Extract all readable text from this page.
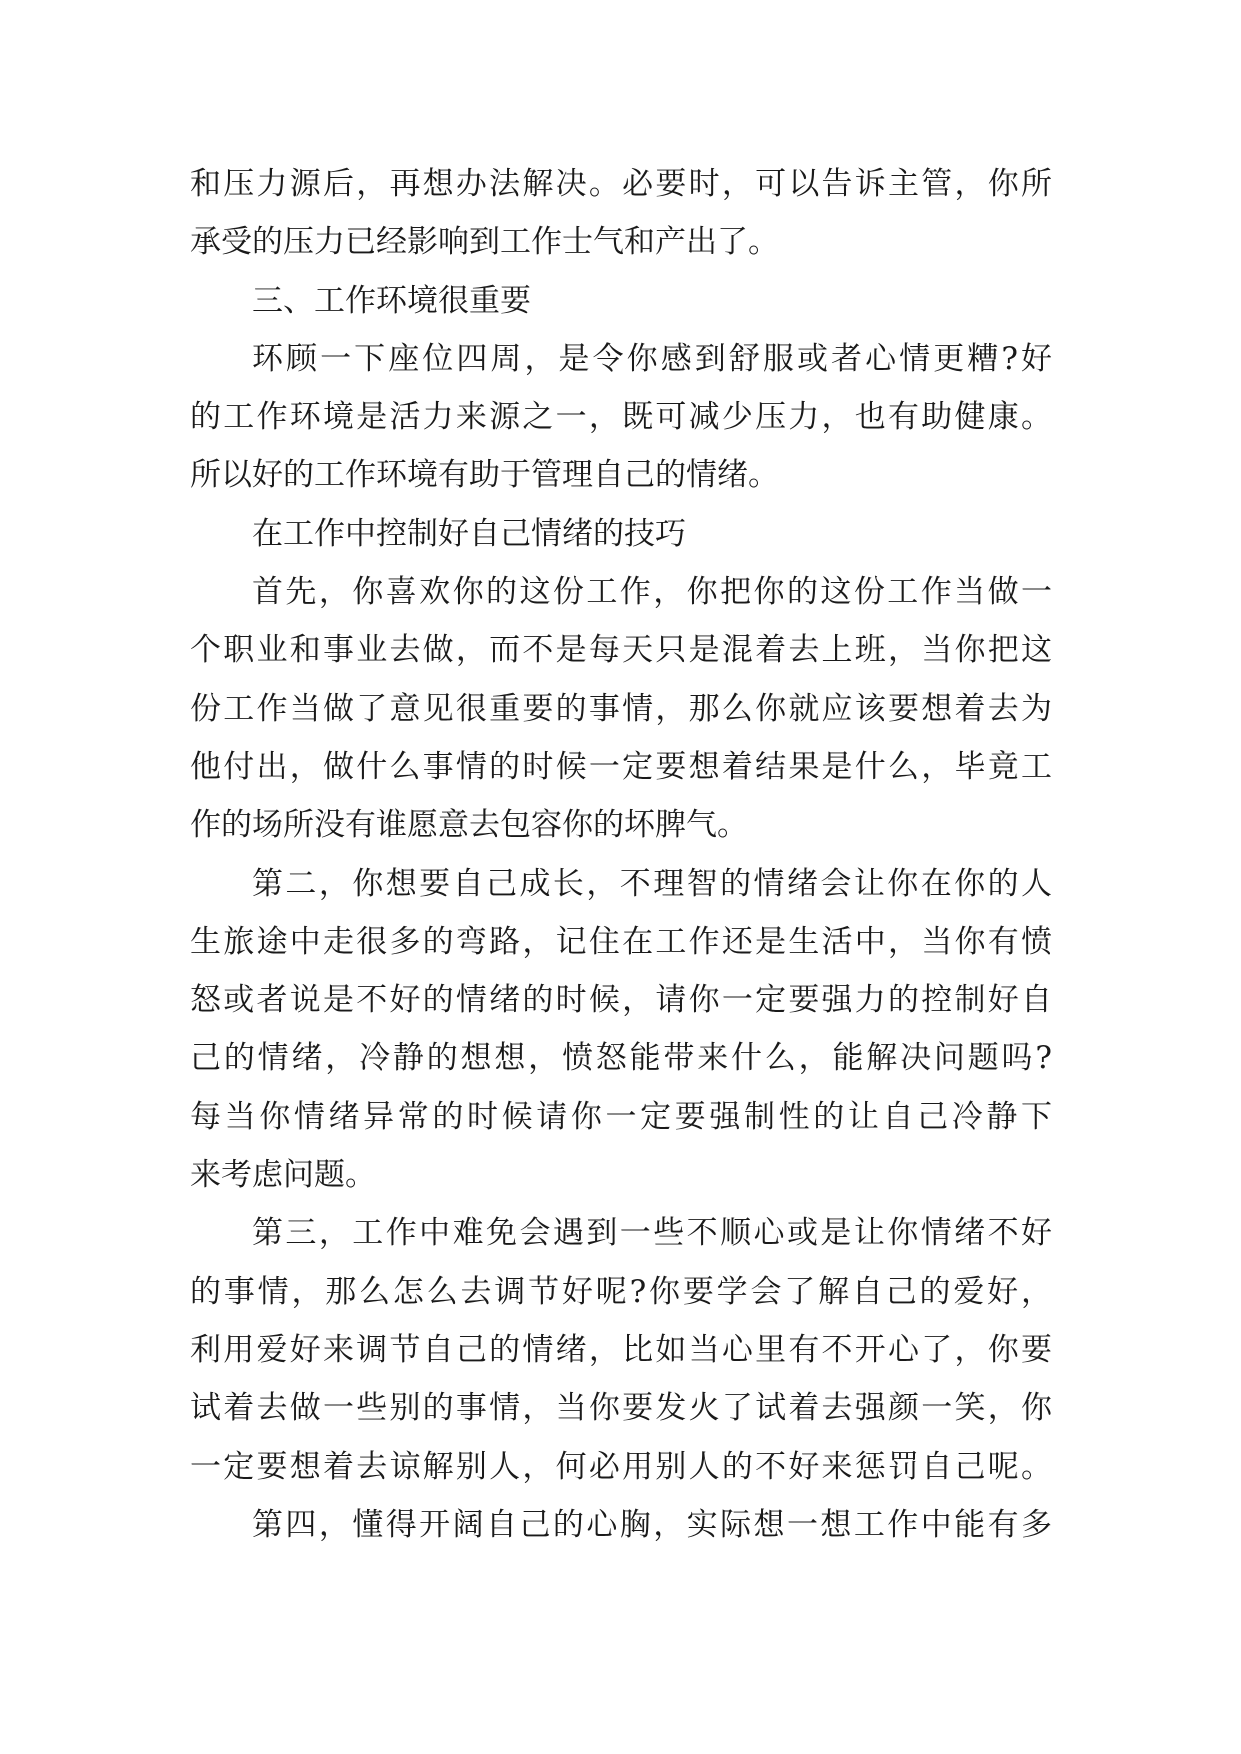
和压力源后，再想办法解决。必要时，可以告诉主管，你所
承受的压力已经影响到工作士气和产出了。
三、工作环境很重要
环顾一下座位四周，是令你感到舒服或者心情更糟?好
的工作环境是活力来源之一，既可减少压力，也有助健康。
所以好的工作环境有助于管理自己的情绪。
在工作中控制好自己情绪的技巧
首先，你喜欢你的这份工作，你把你的这份工作当做一
个职业和事业去做，而不是每天只是混着去上班，当你把这
份工作当做了意见很重要的事情，那么你就应该要想着去为
他付出，做什么事情的时候一定要想着结果是什么，毕竟工
作的场所没有谁愿意去包容你的坏脾气。
第二，你想要自己成长，不理智的情绪会让你在你的人
生旅途中走很多的弯路，记住在工作还是生活中，当你有愤
怒或者说是不好的情绪的时候，请你一定要强力的控制好自
己的情绪，冷静的想想，愤怒能带来什么，能解决问题吗?
每当你情绪异常的时候请你一定要强制性的让自己冷静下
来考虑问题。
第三，工作中难免会遇到一些不顺心或是让你情绪不好
的事情，那么怎么去调节好呢?你要学会了解自己的爱好，
利用爱好来调节自己的情绪，比如当心里有不开心了，你要
试着去做一些别的事情，当你要发火了试着去强颜一笑，你
一定要想着去谅解别人，何必用别人的不好来惩罚自己呢。
第四，懂得开阔自己的心胸，实际想一想工作中能有多
